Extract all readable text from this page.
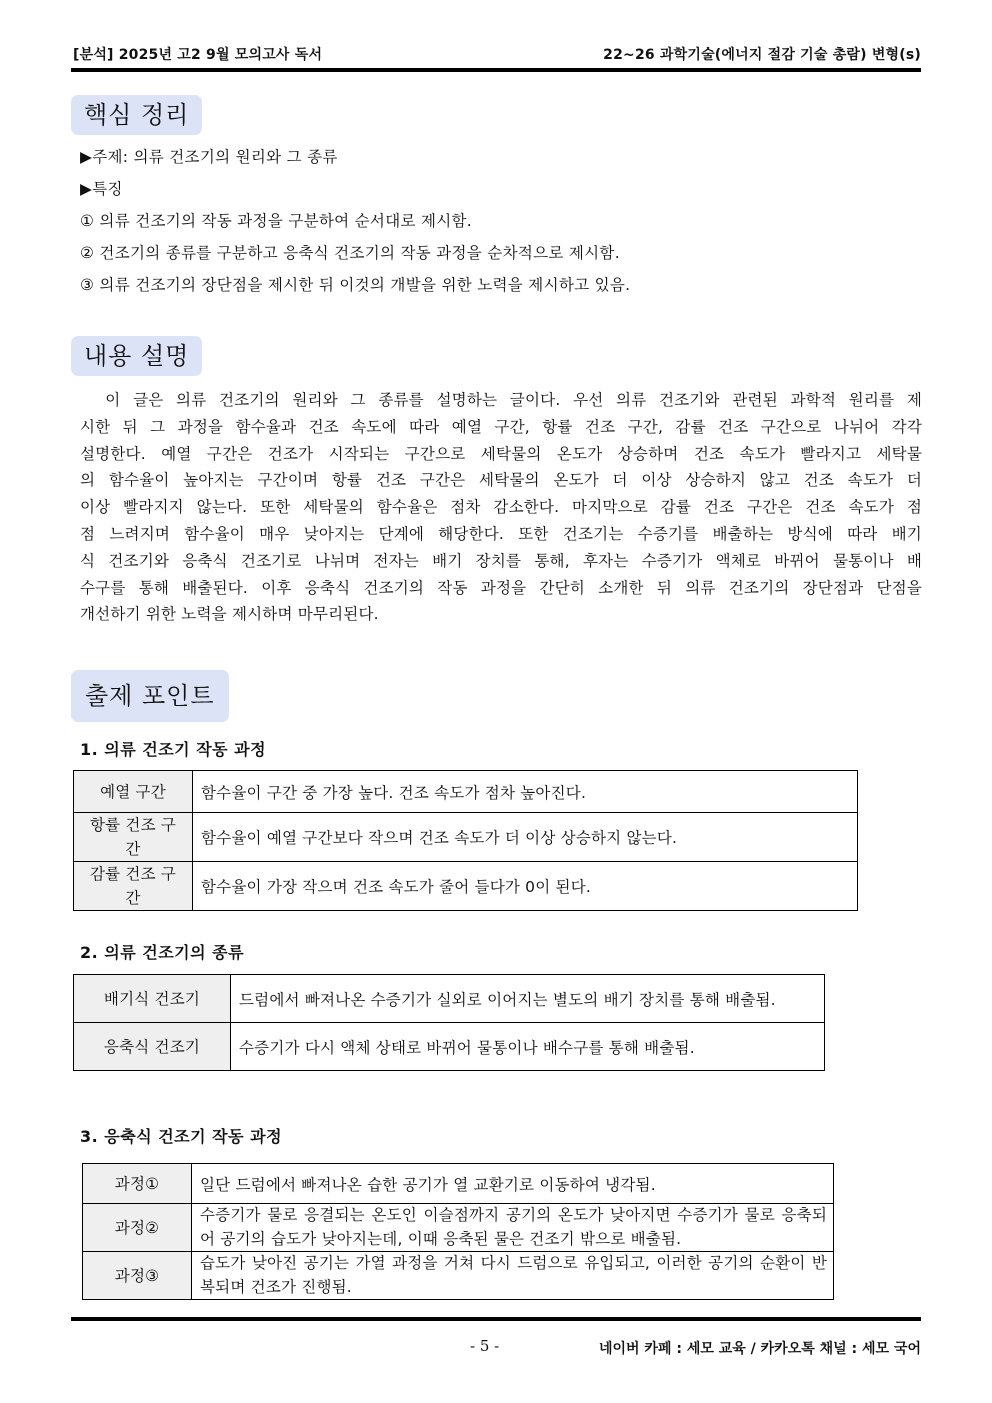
[분석] 2025년 고2 9월 모의고사 독서	22~26 과학기술(에너지 절감 기술 총람) 변형(s)
핵심 정리
▶주제: 의류 건조기의 원리와 그 종류
▶특징
① 의류 건조기의 작동 과정을 구분하여 순서대로 제시함.
② 건조기의 종류를 구분하고 응축식 건조기의 작동 과정을 순차적으로 제시함.
③ 의류 건조기의 장단점을 제시한 뒤 이것의 개발을 위한 노력을 제시하고 있음.
내용 설명
이 글은 의류 건조기의 원리와 그 종류를 설명하는 글이다. 우선 의류 건조기와 관련된 과학적 원리를 제
시한 뒤 그 과정을 함수율과 건조 속도에 따라 예열 구간, 항률 건조 구간, 감률 건조 구간으로 나뉘어 각각
설명한다. 예열 구간은 건조가 시작되는 구간으로 세탁물의 온도가 상승하며 건조 속도가 빨라지고 세탁물
의 함수율이 높아지는 구간이며 항률 건조 구간은 세탁물의 온도가 더 이상 상승하지 않고 건조 속도가 더
이상 빨라지지 않는다. 또한 세탁물의 함수율은 점차 감소한다. 마지막으로 감률 건조 구간은 건조 속도가 점
점 느려지며 함수율이 매우 낮아지는 단계에 해당한다. 또한 건조기는 수증기를 배출하는 방식에 따라 배기
식 건조기와 응축식 건조기로 나뉘며 전자는 배기 장치를 통해, 후자는 수증기가 액체로 바뀌어 물통이나 배
수구를 통해 배출된다. 이후 응축식 건조기의 작동 과정을 간단히 소개한 뒤 의류 건조기의 장단점과 단점을
개선하기 위한 노력을 제시하며 마무리된다.
출제 포인트
1. 의류 건조기 작동 과정
예열 구간	함수율이 구간 중 가장 높다. 건조 속도가 점차 높아진다.
항률 건조 구간	함수율이 예열 구간보다 작으며 건조 속도가 더 이상 상승하지 않는다.
감률 건조 구간	함수율이 가장 작으며 건조 속도가 줄어 들다가 0이 된다.
2. 의류 건조기의 종류
배기식 건조기	드럼에서 빠져나온 수증기가 실외로 이어지는 별도의 배기 장치를 통해 배출됨.
응축식 건조기	수증기가 다시 액체 상태로 바뀌어 물통이나 배수구를 통해 배출됨.
3. 응축식 건조기 작동 과정
과정①	일단 드럼에서 빠져나온 습한 공기가 열 교환기로 이동하여 냉각됨.
과정②	수증기가 물로 응결되는 온도인 이슬점까지 공기의 온도가 낮아지면 수증기가 물로 응축되어 공기의 습도가 낮아지는데, 이때 응축된 물은 건조기 밖으로 배출됨.
과정③	습도가 낮아진 공기는 가열 과정을 거쳐 다시 드럼으로 유입되고, 이러한 공기의 순환이 반복되며 건조가 진행됨.
- 5 -	네이버 카페 : 세모 교육 / 카카오톡 채널 : 세모 국어
